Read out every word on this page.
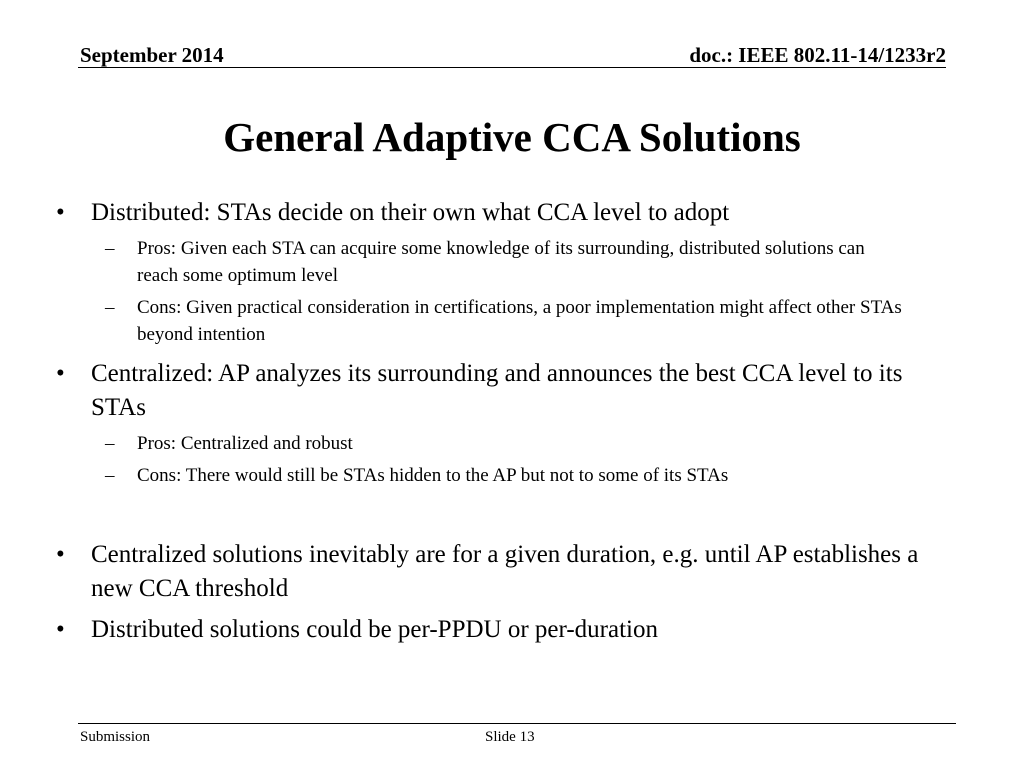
September 2014	doc.: IEEE 802.11-14/1233r2
General Adaptive CCA Solutions
•	Distributed: STAs decide on their own what CCA level to adopt
–	Pros: Given each STA can acquire some knowledge of its surrounding, distributed solutions can reach some optimum level
–	Cons: Given practical consideration in certifications, a poor implementation might affect other STAs beyond intention
•	Centralized: AP analyzes its surrounding and announces the best CCA level to its STAs
–	Pros: Centralized and robust
–	Cons: There would still be STAs hidden to the AP but not to some of its STAs
•	Centralized solutions inevitably are for a given duration, e.g. until AP establishes a new CCA threshold
•	Distributed solutions could be per-PPDU or per-duration
Submission	Slide 13
